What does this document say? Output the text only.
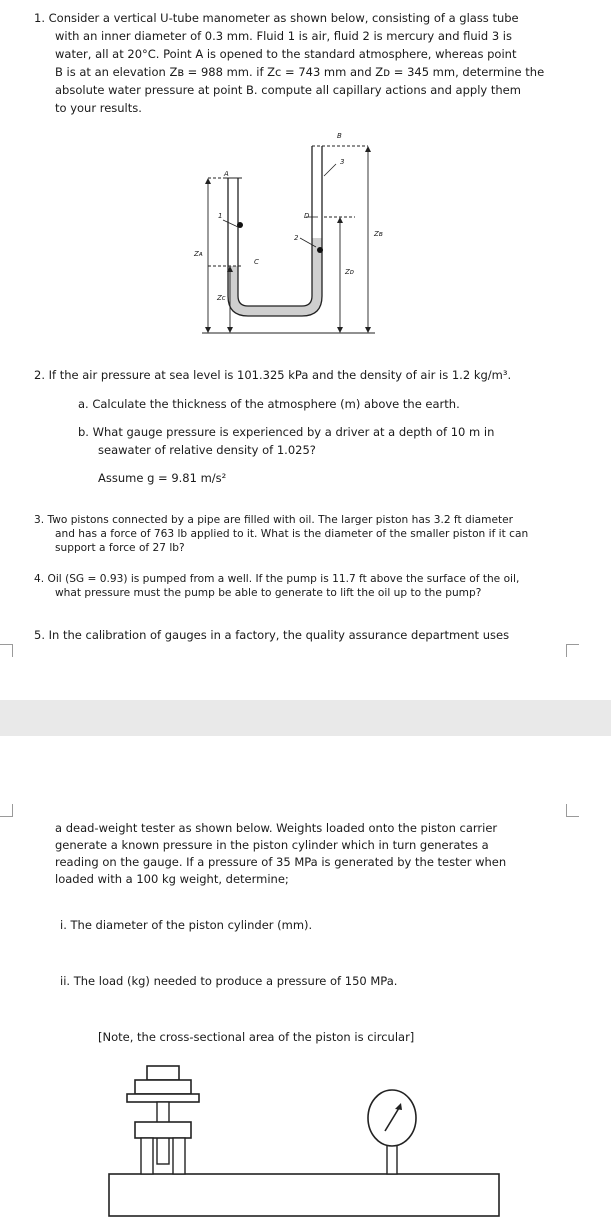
1. Consider a vertical U-tube manometer as shown below, consisting of a glass tube
with an inner diameter of 0.3 mm. Fluid 1 is air, fluid 2 is mercury and fluid 3 is
water, all at 20°C. Point A is opened to the standard atmosphere, whereas point
B is at an elevation Zʙ = 988 mm. if Zc = 743 mm and Zᴅ = 345 mm, determine the
absolute water pressure at point B. compute all capillary actions and apply them
to your results.
A
B
C
D
1
2
3
Zᴀ
Zʙ
Zc
Zᴅ
2. If the air pressure at sea level is 101.325 kPa and the density of air is 1.2 kg/m³.
a. Calculate the thickness of the atmosphere (m) above the earth.
b. What gauge pressure is experienced by a driver at a depth of 10 m in
seawater of relative density of 1.025?
Assume g = 9.81 m/s²
3. Two pistons connected by a pipe are filled with oil. The larger piston has 3.2 ft diameter
and has a force of 763 lb applied to it. What is the diameter of the smaller piston if it can
support a force of 27 lb?
4. Oil (SG = 0.93) is pumped from a well. If the pump is 11.7 ft above the surface of the oil,
what pressure must the pump be able to generate to lift the oil up to the pump?
5. In the calibration of gauges in a factory, the quality assurance department uses
a dead-weight tester as shown below. Weights loaded onto the piston carrier
generate a known pressure in the piston cylinder which in turn generates a
reading on the gauge. If a pressure of 35 MPa is generated by the tester when
loaded with a 100 kg weight, determine;
i. The diameter of the piston cylinder (mm).
ii. The load (kg) needed to produce a pressure of 150 MPa.
[Note, the cross-sectional area of the piston is circular]
